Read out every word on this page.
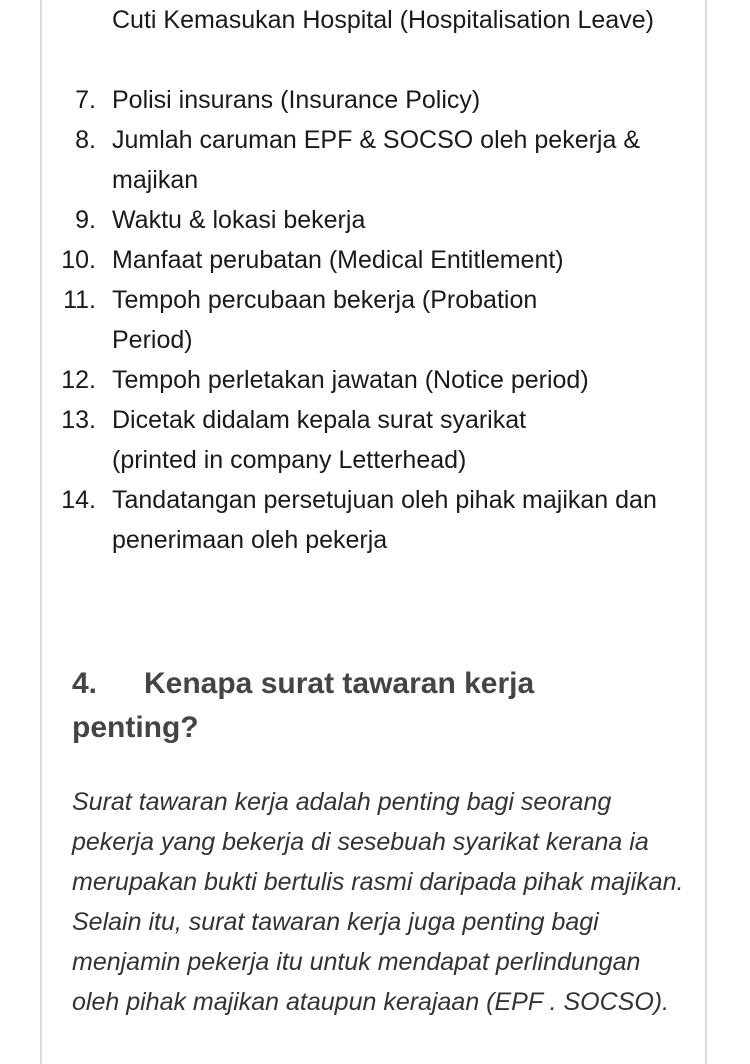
Cuti Kemasukan Hospital (Hospitalisation Leave)
7. Polisi insurans (Insurance Policy)
8. Jumlah caruman EPF & SOCSO oleh pekerja & majikan
9. Waktu & lokasi bekerja
10. Manfaat perubatan (Medical Entitlement)
11. Tempoh percubaan bekerja (Probation Period)
12. Tempoh perletakan jawatan (Notice period)
13. Dicetak didalam kepala surat syarikat (printed in company Letterhead)
14. Tandatangan persetujuan oleh pihak majikan dan penerimaan oleh pekerja
4. Kenapa surat tawaran kerja penting?

Surat tawaran kerja adalah penting bagi seorang pekerja yang bekerja di sesebuah syarikat kerana ia merupakan bukti bertulis rasmi daripada pihak majikan. Selain itu, surat tawaran kerja juga penting bagi menjamin pekerja itu untuk mendapat perlindungan oleh pihak majikan ataupun kerajaan (EPF . SOCSO).
